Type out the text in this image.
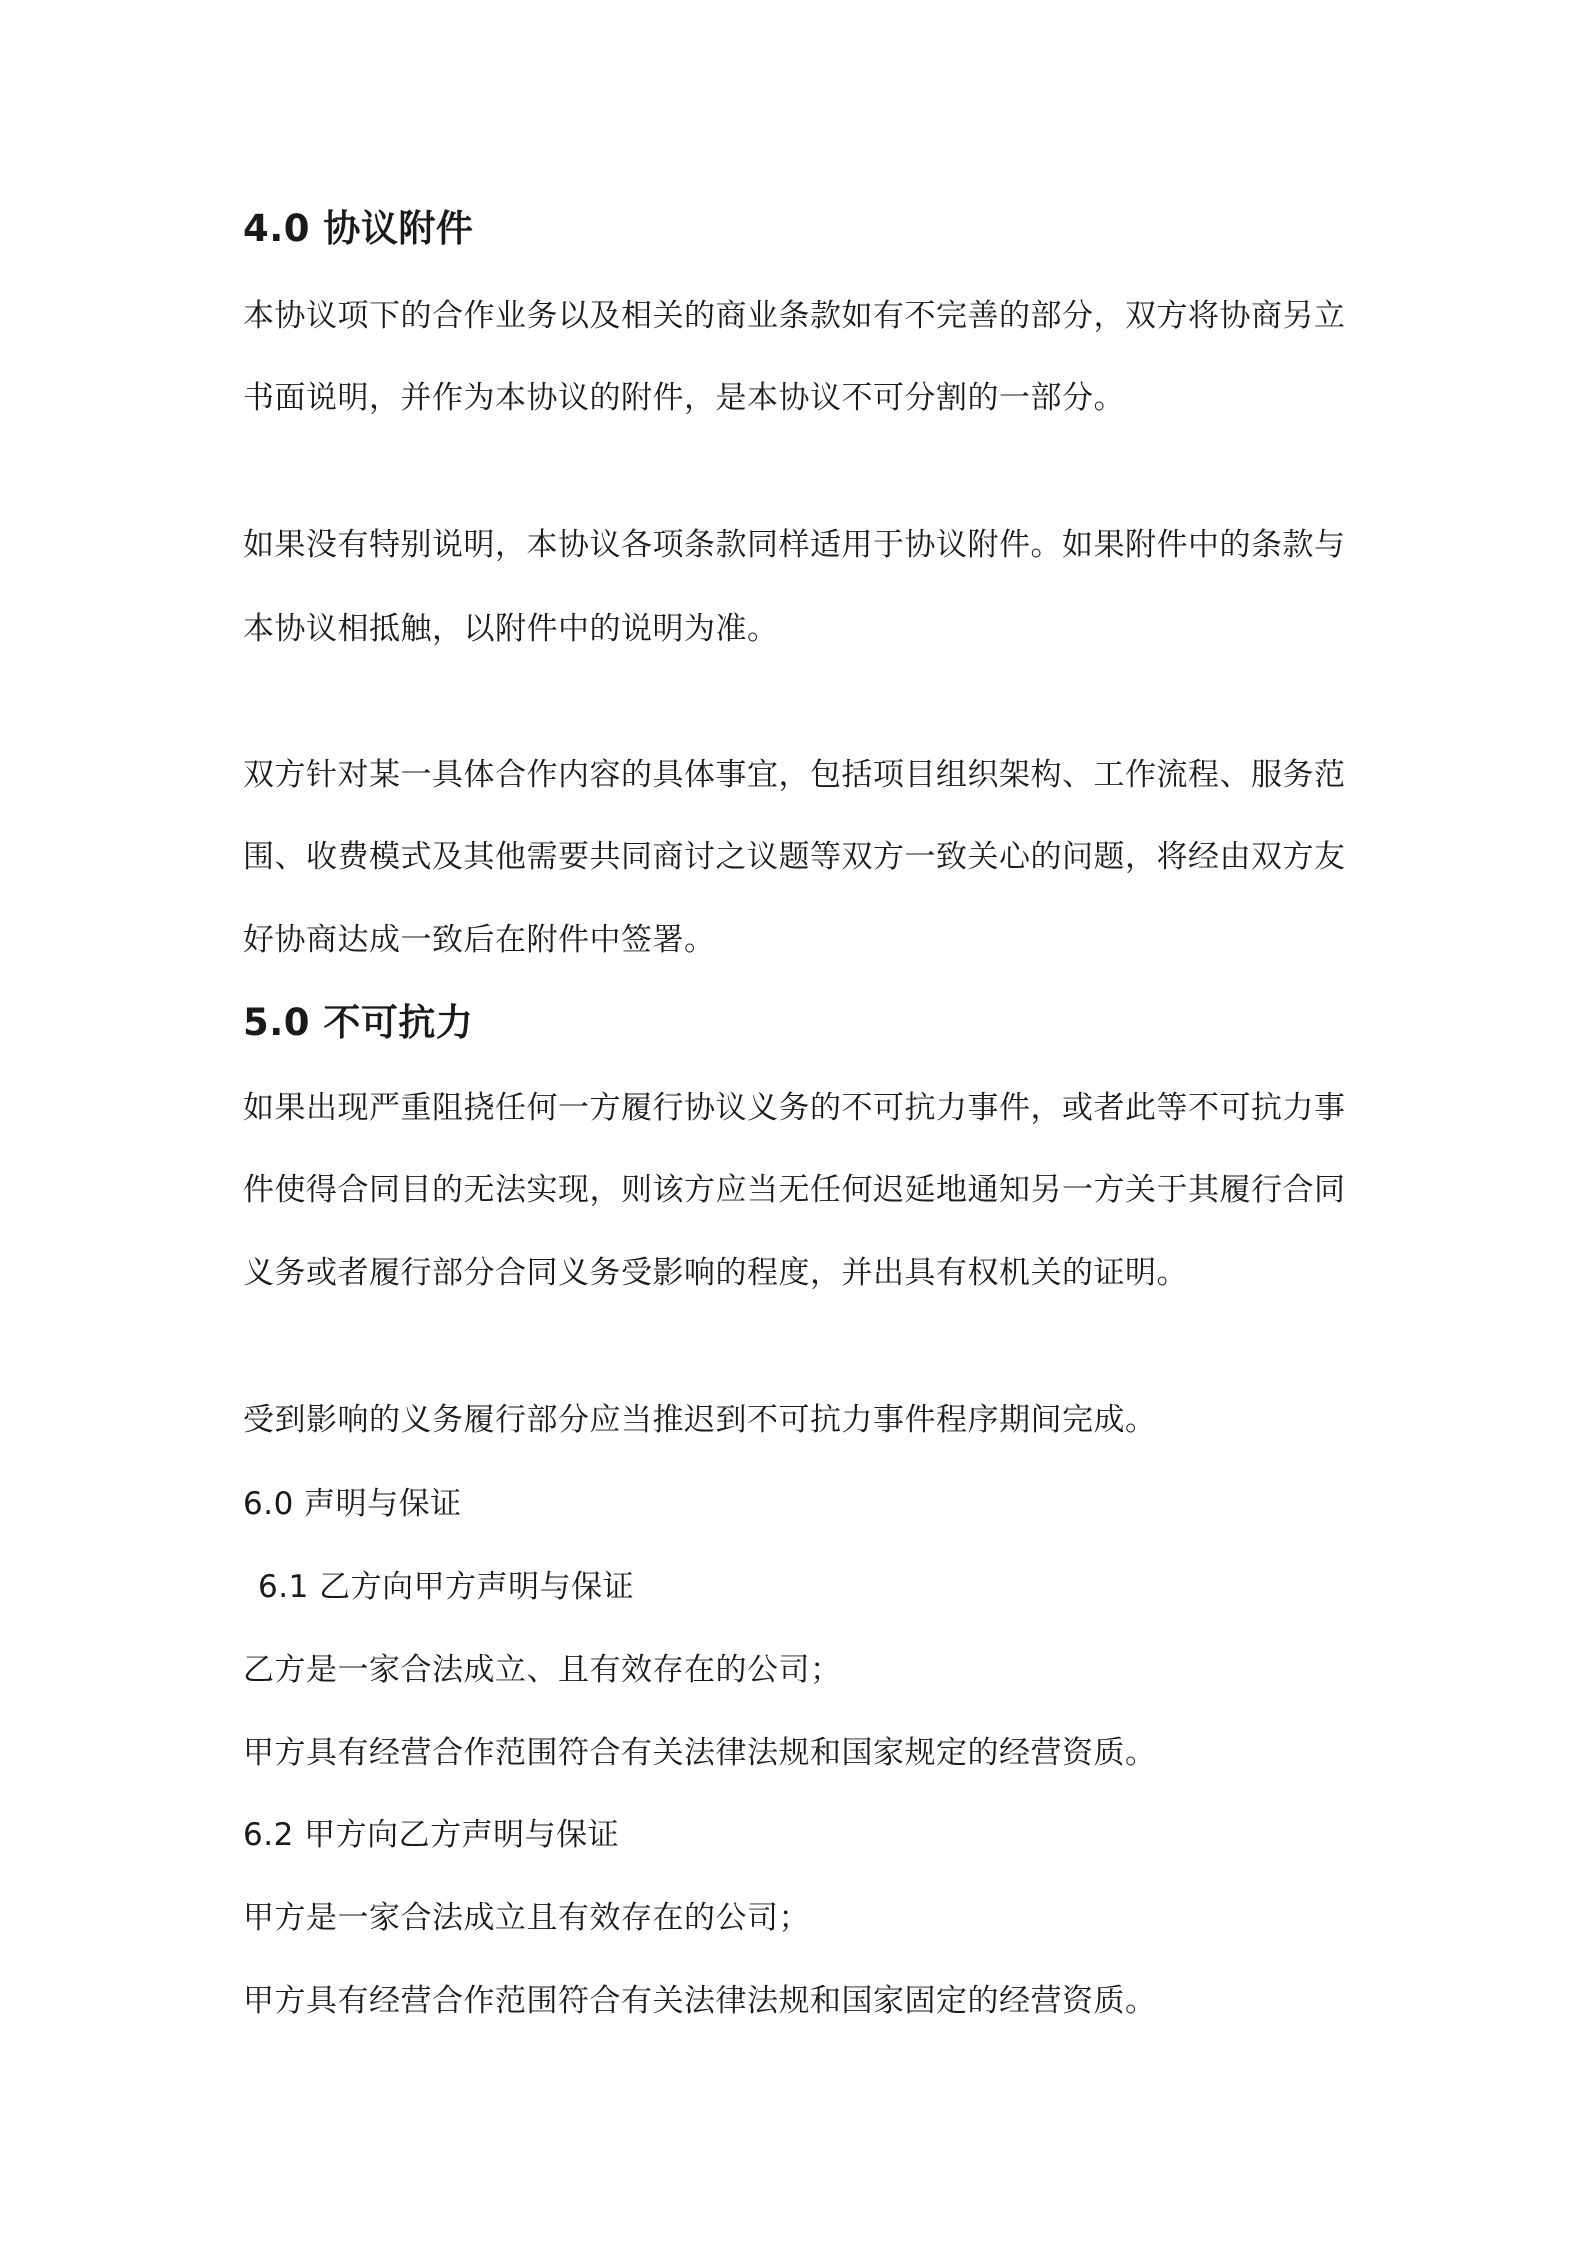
4.0 协议附件
本协议项下的合作业务以及相关的商业条款如有不完善的部分，双方将协商另立
书面说明，并作为本协议的附件，是本协议不可分割的一部分。
如果没有特别说明，本协议各项条款同样适用于协议附件。如果附件中的条款与
本协议相抵触，以附件中的说明为准。
双方针对某一具体合作内容的具体事宜，包括项目组织架构、工作流程、服务范
围、收费模式及其他需要共同商讨之议题等双方一致关心的问题，将经由双方友
好协商达成一致后在附件中签署。
5.0 不可抗力
如果出现严重阻挠任何一方履行协议义务的不可抗力事件，或者此等不可抗力事
件使得合同目的无法实现，则该方应当无任何迟延地通知另一方关于其履行合同
义务或者履行部分合同义务受影响的程度，并出具有权机关的证明。
受到影响的义务履行部分应当推迟到不可抗力事件程序期间完成。
6.0 声明与保证
6.1 乙方向甲方声明与保证
乙方是一家合法成立、且有效存在的公司；
甲方具有经营合作范围符合有关法律法规和国家规定的经营资质。
6.2 甲方向乙方声明与保证
甲方是一家合法成立且有效存在的公司；
甲方具有经营合作范围符合有关法律法规和国家固定的经营资质。
